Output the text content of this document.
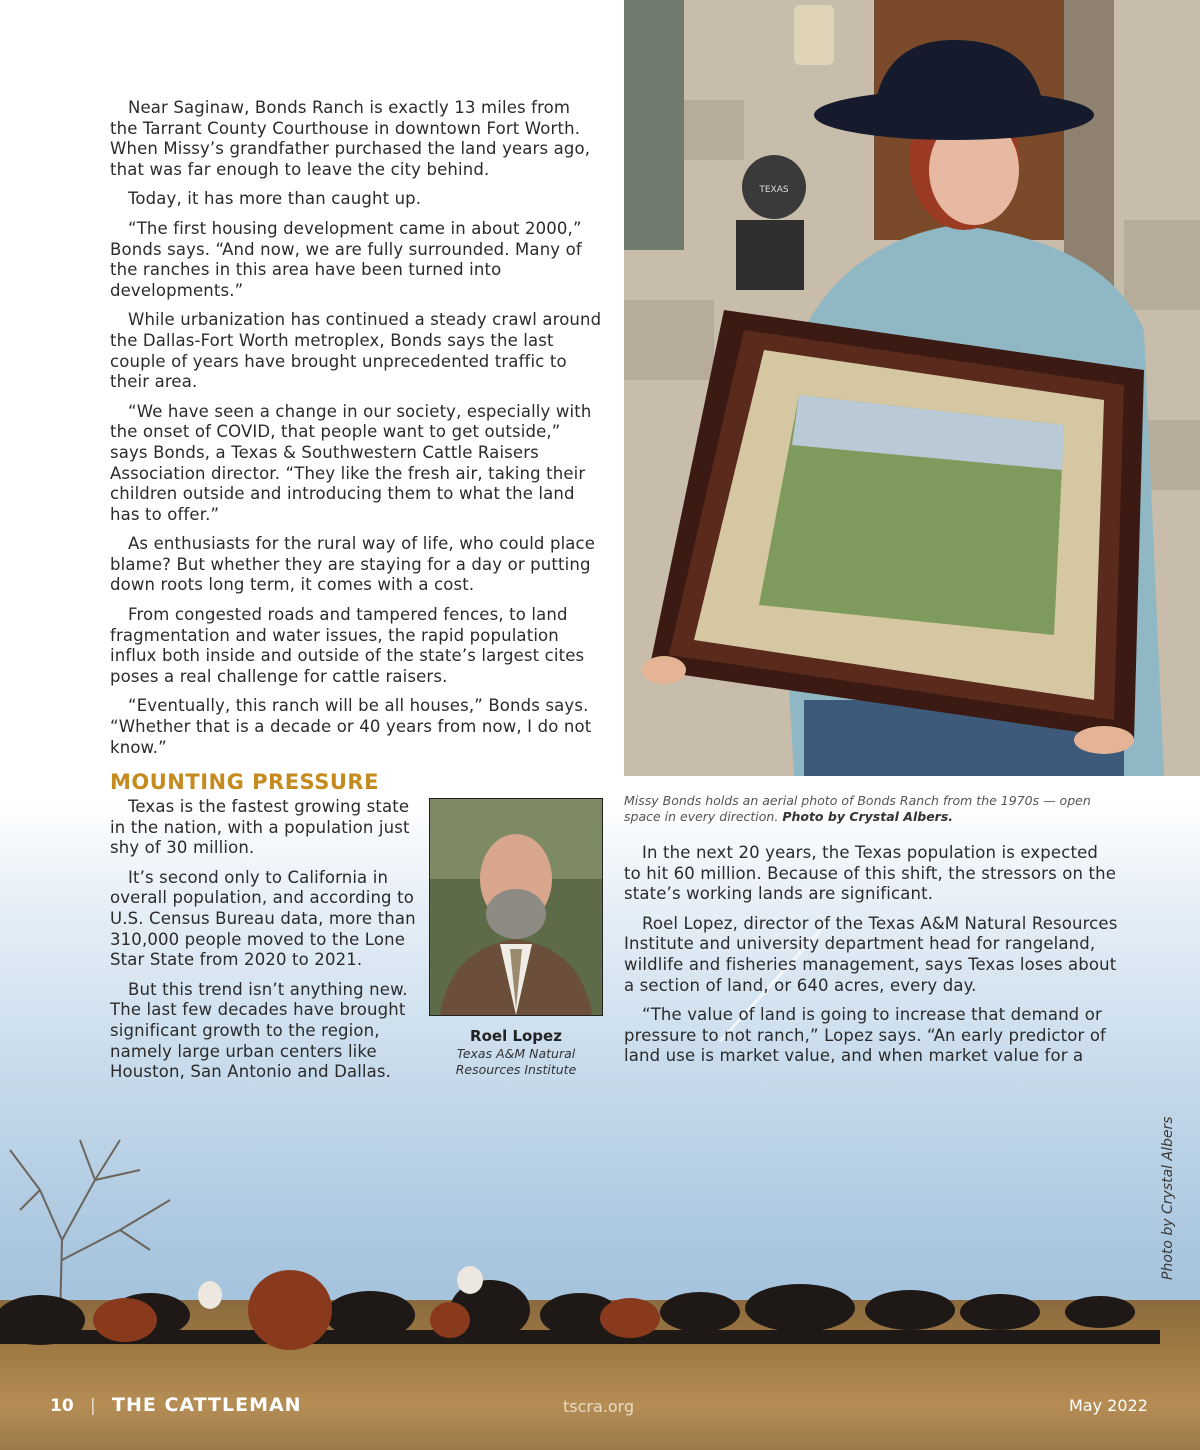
TEXAS
Missy Bonds holds an aerial photo of Bonds Ranch from the 1970s — open space in every direction. Photo by Crystal Albers.

Near Saginaw, Bonds Ranch is exactly 13 miles from the Tarrant County Courthouse in downtown Fort Worth. When Missy’s grandfather purchased the land years ago, that was far enough to leave the city behind.

Today, it has more than caught up.

“The first housing development came in about 2000,” Bonds says. “And now, we are fully surrounded. Many of the ranches in this area have been turned into developments.”

While urbanization has continued a steady crawl around the Dallas-Fort Worth metroplex, Bonds says the last couple of years have brought unprecedented traffic to their area.

“We have seen a change in our society, especially with the onset of COVID, that people want to get outside,” says Bonds, a Texas & Southwestern Cattle Raisers Association director. “They like the fresh air, taking their children outside and introducing them to what the land has to offer.”

As enthusiasts for the rural way of life, who could place blame? But whether they are staying for a day or putting down roots long term, it comes with a cost.

From congested roads and tampered fences, to land fragmentation and water issues, the rapid population influx both inside and outside of the state’s largest cites poses a real challenge for cattle raisers.

“Eventually, this ranch will be all houses,” Bonds says. “Whether that is a decade or 40 years from now, I do not know.”

MOUNTING PRESSURE

Texas is the fastest growing state in the nation, with a population just shy of 30 million.

It’s second only to California in overall population, and according to U.S. Census Bureau data, more than 310,000 people moved to the Lone Star State from 2020 to 2021.

But this trend isn’t anything new. The last few decades have brought significant growth to the region, namely large urban centers like Houston, San Antonio and Dallas.

Roel Lopez
Texas A&M Natural Resources Institute

In the next 20 years, the Texas population is expected to hit 60 million. Because of this shift, the stressors on the state’s working lands are significant.

Roel Lopez, director of the Texas A&M Natural Resources Institute and university department head for rangeland, wildlife and fisheries management, says Texas loses about a section of land, or 640 acres, every day.

“The value of land is going to increase that demand or pressure to not ranch,” Lopez says. “An early predictor of land use is market value, and when market value for a

Photo by Crystal Albers
10 | THE CATTLEMAN	tscra.org	May 2022
